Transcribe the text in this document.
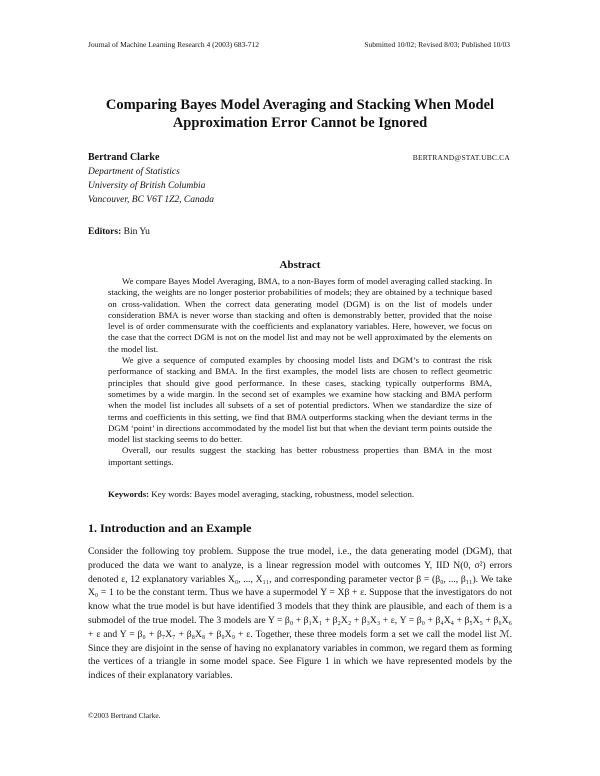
Journal of Machine Learning Research 4 (2003) 683-712	Submitted 10/02; Revised 8/03; Published 10/03
Comparing Bayes Model Averaging and Stacking When Model
Approximation Error Cannot be Ignored
Bertrand Clarke	BERTRAND@STAT.UBC.CA
Department of Statistics
University of British Columbia
Vancouver, BC V6T 1Z2, Canada
Editors: Bin Yu
Abstract

We compare Bayes Model Averaging, BMA, to a non-Bayes form of model averaging called stacking. In stacking, the weights are no longer posterior probabilities of models; they are obtained by a technique based on cross-validation. When the correct data generating model (DGM) is on the list of models under consideration BMA is never worse than stacking and often is demonstrably better, provided that the noise level is of order commensurate with the coefficients and explanatory variables. Here, however, we focus on the case that the correct DGM is not on the model list and may not be well approximated by the elements on the model list.

We give a sequence of computed examples by choosing model lists and DGM’s to contrast the risk performance of stacking and BMA. In the first examples, the model lists are chosen to reflect geometric principles that should give good performance. In these cases, stacking typically outperforms BMA, sometimes by a wide margin. In the second set of examples we examine how stacking and BMA perform when the model list includes all subsets of a set of potential predictors. When we standardize the size of terms and coefficients in this setting, we find that BMA outperforms stacking when the deviant terms in the DGM ‘point’ in directions accommodated by the model list but that when the deviant term points outside the model list stacking seems to do better.

Overall, our results suggest the stacking has better robustness properties than BMA in the most important settings.

Keywords: Key words: Bayes model averaging, stacking, robustness, model selection.
1. Introduction and an Example

Consider the following toy problem. Suppose the true model, i.e., the data generating model (DGM), that produced the data we want to analyze, is a linear regression model with outcomes Y, IID N(0, σ²) errors denoted ε, 12 explanatory variables X₀, ..., X₁₁, and corresponding parameter vector β = (β₀, ..., β₁₁). We take X₀ = 1 to be the constant term. Thus we have a supermodel Y = Xβ + ε. Suppose that the investigators do not know what the true model is but have identified 3 models that they think are plausible, and each of them is a submodel of the true model. The 3 models are Y = β₀ + β₁X₁ + β₂X₂ + β₃X₃ + ε, Y = β₀ + β₄X₄ + β₅X₅ + β₆X₆ + ε and Y = β₀ + β₇X₇ + β₈X₈ + β₉X₉ + ε. Together, these three models form a set we call the model list ℳ. Since they are disjoint in the sense of having no explanatory variables in common, we regard them as forming the vertices of a triangle in some model space. See Figure 1 in which we have represented models by the indices of their explanatory variables.

©2003 Bertrand Clarke.
